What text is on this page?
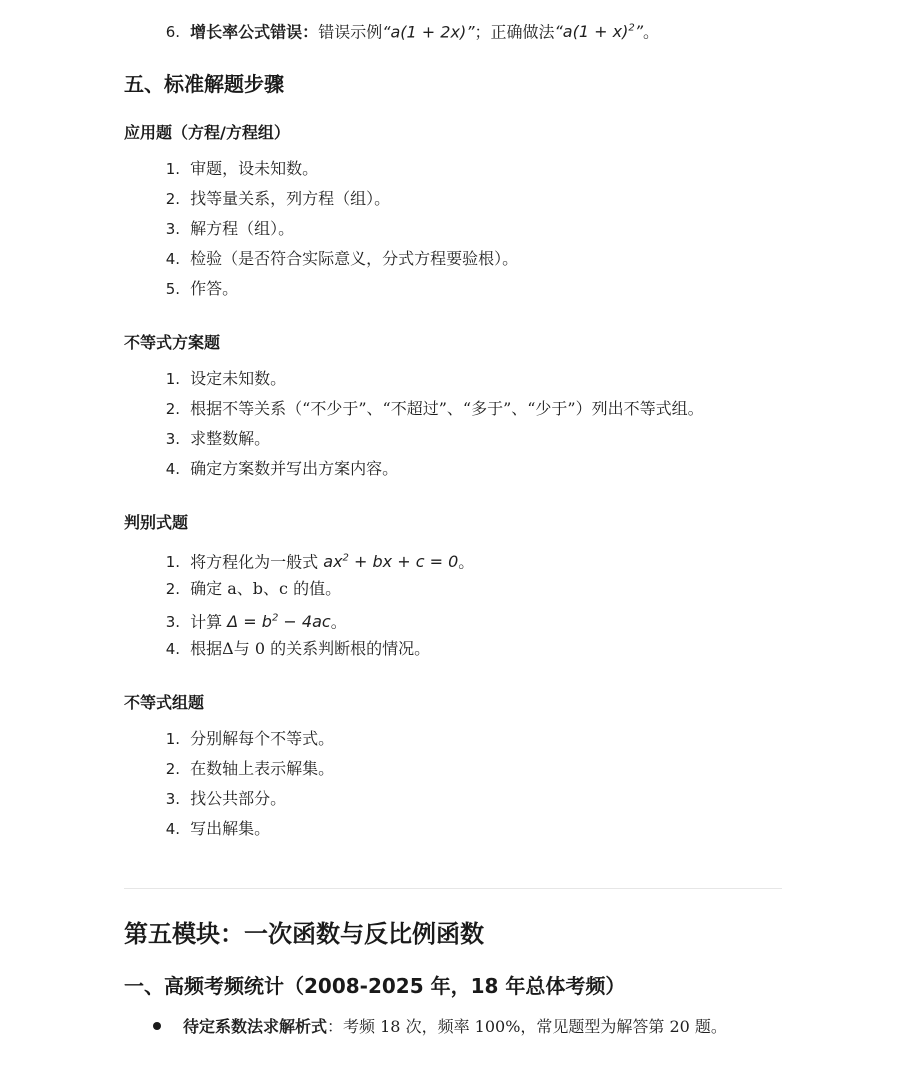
6. 增长率公式错误：错误示例“a(1 + 2x)”；正确做法“$a(1 + x)^2$”。
五、标准解题步骤
应用题（方程/方程组）
1. 审题，设未知数。
2. 找等量关系，列方程（组）。
3. 解方程（组）。
4. 检验（是否符合实际意义，分式方程要验根）。
5. 作答。
不等式方案题
1. 设定未知数。
2. 根据不等关系（“不少于”、“不超过”、“多于”、“少于”）列出不等式组。
3. 求整数解。
4. 确定方案数并写出方案内容。
判别式题
1. 将方程化为一般式 $ax^2$ + bx + c = 0。
2. 确定 a、b、c 的值。
3. 计算 $\Delta = b^2 - 4ac$。
4. 根据Δ与 0 的关系判断根的情况。
不等式组题
1. 分别解每个不等式。
2. 在数轴上表示解集。
3. 找公共部分。
4. 写出解集。
第五模块：一次函数与反比例函数
一、高频考频统计（2008-2025 年，18 年总体考频）
待定系数法求解析式：考频 18 次，频率 100%，常见题型为解答第 20 题。
